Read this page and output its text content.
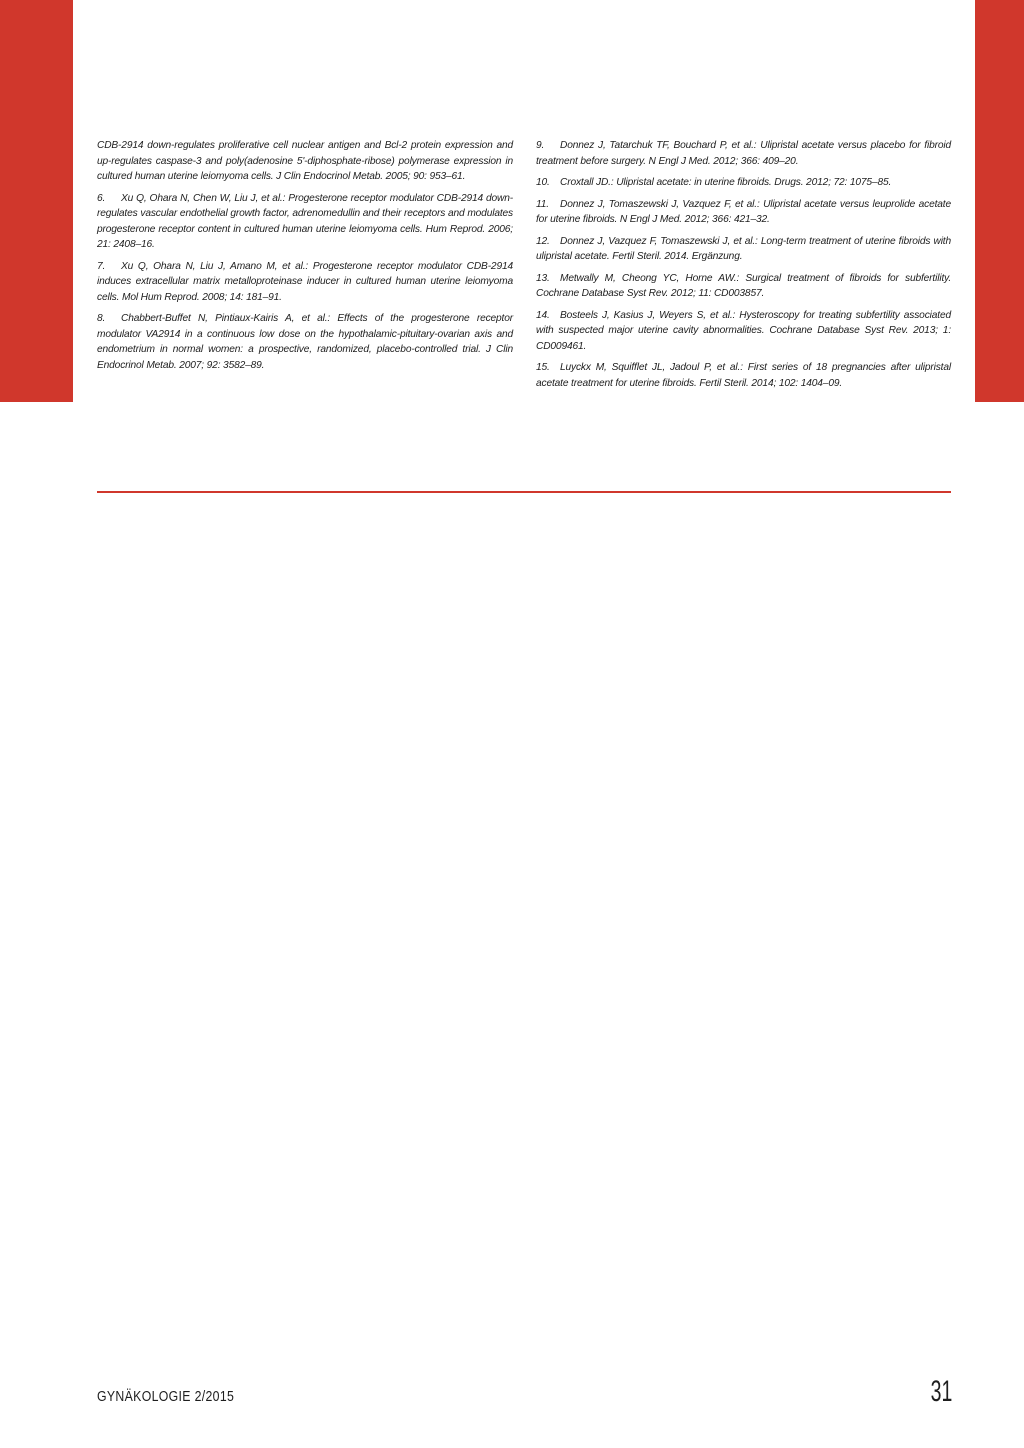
CDB-2914 down-regulates proliferative cell nuclear antigen and Bcl-2 protein expression and up-regulates caspase-3 and poly(adenosine 5'-diphosphate-ribose) polymerase expression in cultured human uterine leiomyoma cells. J Clin Endocrinol Metab. 2005; 90: 953–61.

6. Xu Q, Ohara N, Chen W, Liu J, et al.: Progesterone receptor modulator CDB-2914 down-regulates vascular endothelial growth factor, adrenomedullin and their receptors and modulates progesterone receptor content in cultured human uterine leiomyoma cells. Hum Reprod. 2006; 21: 2408–16.

7. Xu Q, Ohara N, Liu J, Amano M, et al.: Progesterone receptor modulator CDB-2914 induces extracellular matrix metalloproteinase inducer in cultured human uterine leiomyoma cells. Mol Hum Reprod. 2008; 14: 181–91.

8. Chabbert-Buffet N, Pintiaux-Kairis A, et al.: Effects of the progesterone receptor modulator VA2914 in a continuous low dose on the hypothalamic-pituitary-ovarian axis and endometrium in normal women: a prospective, randomized, placebo-controlled trial. J Clin Endocrinol Metab. 2007; 92: 3582–89.

9. Donnez J, Tatarchuk TF, Bouchard P, et al.: Ulipristal acetate versus placebo for fibroid treatment before surgery. N Engl J Med. 2012; 366: 409–20.

10. Croxtall JD.: Ulipristal acetate: in uterine fibroids. Drugs. 2012; 72: 1075–85.

11. Donnez J, Tomaszewski J, Vazquez F, et al.: Ulipristal acetate versus leuprolide acetate for uterine fibroids. N Engl J Med. 2012; 366: 421–32.

12. Donnez J, Vazquez F, Tomaszewski J, et al.: Long-term treatment of uterine fibroids with ulipristal acetate. Fertil Steril. 2014. Ergänzung.

13. Metwally M, Cheong YC, Horne AW.: Surgical treatment of fibroids for subfertility. Cochrane Database Syst Rev. 2012; 11: CD003857.

14. Bosteels J, Kasius J, Weyers S, et al.: Hysteroscopy for treating subfertility associated with suspected major uterine cavity abnormalities. Cochrane Database Syst Rev. 2013; 1: CD009461.

15. Luyckx M, Squifflet JL, Jadoul P, et al.: First series of 18 pregnancies after ulipristal acetate treatment for uterine fibroids. Fertil Steril. 2014; 102: 1404–09.

GYNÄKOLOGIE 2/2015	31
